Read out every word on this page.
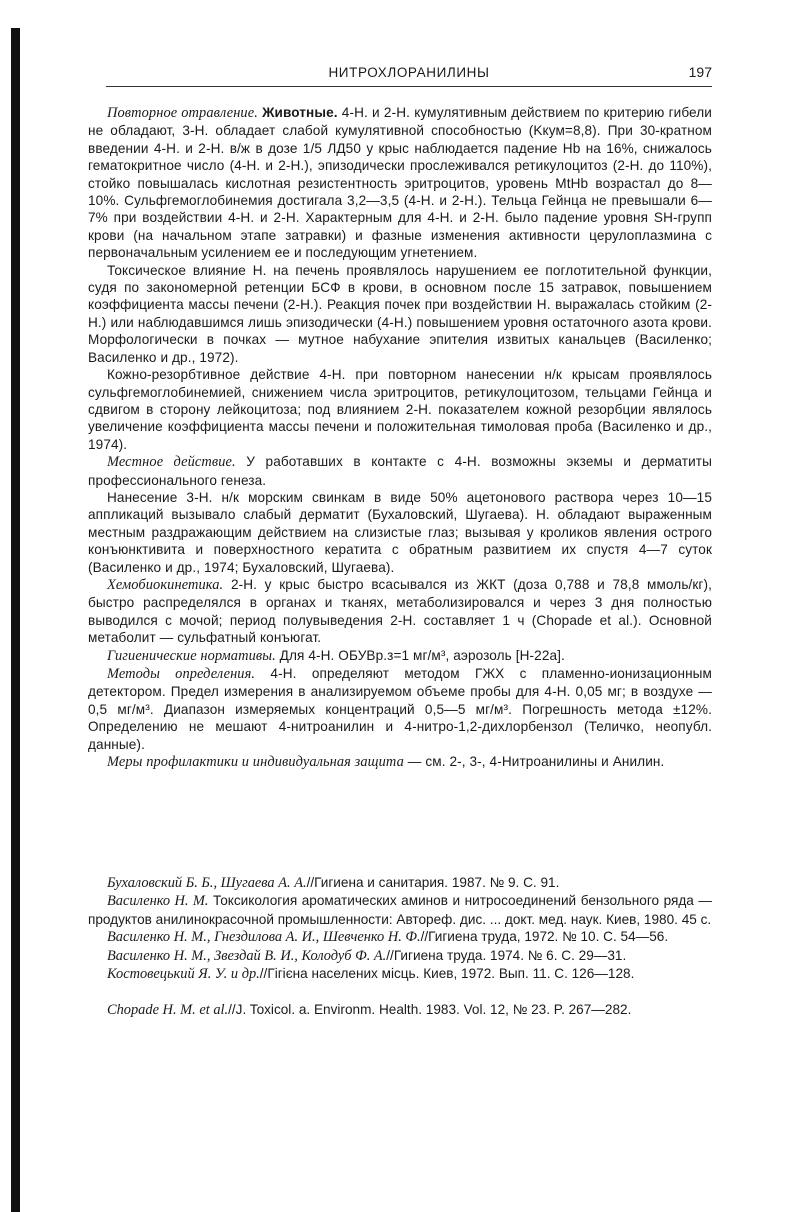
НИТРОХЛОРАНИЛИНЫ	197

Повторное отравление. Животные. 4-Н. и 2-Н. кумулятивным действием по критерию гибели не обладают, 3-Н. обладает слабой кумулятивной способностью (Kкум=8,8). При 30-кратном введении 4-Н. и 2-Н. в/ж в дозе 1/5 ЛД50 у крыс наблюдается падение Hb на 16%, снижалось гематокритное число (4-Н. и 2-Н.), эпизодически прослеживался ретикулоцитоз (2-Н. до 110%), стойко повышалась кислотная резистентность эритроцитов, уровень MtHb возрастал до 8—10%. Сульфгемоглобинемия достигала 3,2—3,5 (4-Н. и 2-Н.). Тельца Гейнца не превышали 6—7% при воздействии 4-Н. и 2-Н. Характерным для 4-Н. и 2-Н. было падение уровня SH-групп крови (на начальном этапе затравки) и фазные изменения активности церулоплазмина с первоначальным усилением ее и последующим угнетением.

Токсическое влияние Н. на печень проявлялось нарушением ее поглотительной функции, судя по закономерной ретенции БСФ в крови, в основном после 15 затравок, повышением коэффициента массы печени (2-Н.). Реакция почек при воздействии Н. выражалась стойким (2-Н.) или наблюдавшимся лишь эпизодически (4-Н.) повышением уровня остаточного азота крови. Морфологически в почках — мутное набухание эпителия извитых канальцев (Василенко; Василенко и др., 1972).

Кожно-резорбтивное действие 4-Н. при повторном нанесении н/к крысам проявлялось сульфгемоглобинемией, снижением числа эритроцитов, ретикулоцитозом, тельцами Гейнца и сдвигом в сторону лейкоцитоза; под влиянием 2-Н. показателем кожной резорбции являлось увеличение коэффициента массы печени и положительная тимоловая проба (Василенко и др., 1974).

Местное действие. У работавших в контакте с 4-Н. возможны экземы и дерматиты профессионального генеза.

Нанесение 3-Н. н/к морским свинкам в виде 50% ацетонового раствора через 10—15 аппликаций вызывало слабый дерматит (Бухаловский, Шугаева). Н. обладают выраженным местным раздражающим действием на слизистые глаз; вызывая у кроликов явления острого конъюнктивита и поверхностного кератита с обратным развитием их спустя 4—7 суток (Василенко и др., 1974; Бухаловский, Шугаева).

Хемобиокинетика. 2-Н. у крыс быстро всасывался из ЖКТ (доза 0,788 и 78,8 ммоль/кг), быстро распределялся в органах и тканях, метаболизировался и через 3 дня полностью выводился с мочой; период полувыведения 2-Н. составляет 1 ч (Chopade et al.). Основной метаболит — сульфатный конъюгат.

Гигиенические нормативы. Для 4-Н. ОБУВр.з=1 мг/м³, аэрозоль [Н-22а].

Методы определения. 4-Н. определяют методом ГЖХ с пламенно-ионизационным детектором. Предел измерения в анализируемом объеме пробы для 4-Н. 0,05 мг; в воздухе — 0,5 мг/м³. Диапазон измеряемых концентраций 0,5—5 мг/м³. Погрешность метода ±12%. Определению не мешают 4-нитроанилин и 4-нитро-1,2-дихлорбензол (Теличко, неопубл. данные).

Меры профилактики и индивидуальная защита — см. 2-, 3-, 4-Нитроанилины и Анилин.

Бухаловский Б. Б., Шугаева А. А.//Гигиена и санитария. 1987. № 9. С. 91.

Василенко Н. М. Токсикология ароматических аминов и нитросоединений бензольного ряда — продуктов анилинокрасочной промышленности: Автореф. дис. ... докт. мед. наук. Киев, 1980. 45 с.

Василенко Н. М., Гнездилова А. И., Шевченко Н. Ф.//Гигиена труда, 1972. № 10. С. 54—56.

Василенко Н. М., Звездай В. И., Колодуб Ф. А.//Гигиена труда. 1974. № 6. С. 29—31.

Костовецький Я. У. и др.//Гігієна населених місць. Киев, 1972. Вып. 11. С. 126—128.

Chopade H. M. et al.//J. Toxicol. a. Environm. Health. 1983. Vol. 12, № 23. P. 267—282.
